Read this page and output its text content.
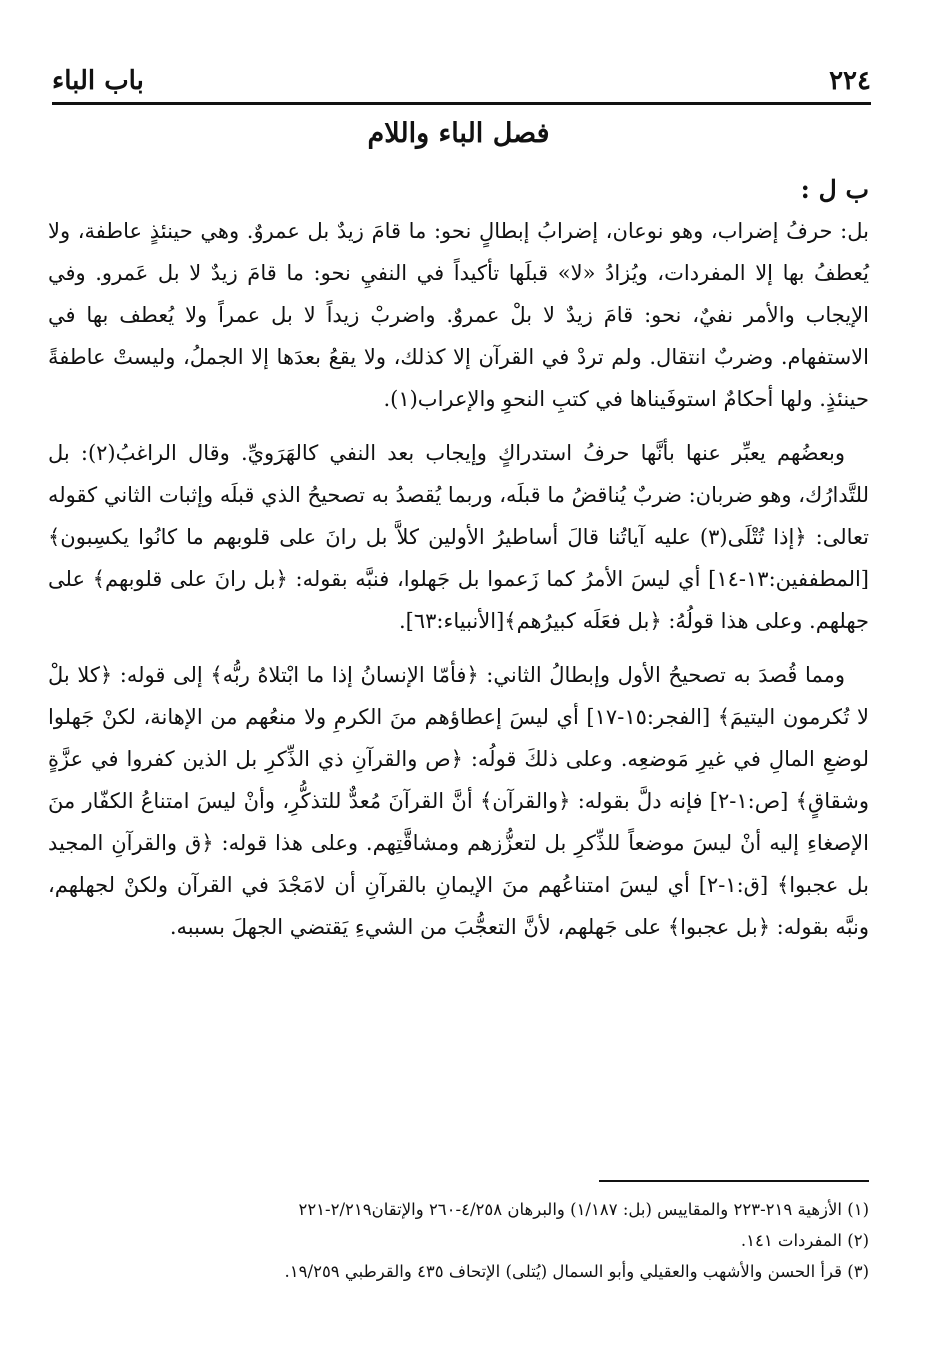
٢٢٤
باب الباء
فصل الباء واللام
ب ل :

بل: حرفُ إضراب، وهو نوعان، إضرابُ إبطالٍ نحو: ما قامَ زيدٌ بل عمروٌ. وهي حينئذٍ عاطفة، ولا يُعطفُ بها إلا المفردات، ويُزادُ «لا» قبلَها تأكيداً في النفيِ نحو: ما قامَ زيدٌ لا بل عَمرو. وفي الإيجاب والأمر نفيٌ، نحو: قامَ زيدٌ لا بلْ عمروٌ. واضربْ زيداً لا بل عمراً ولا يُعطف بها في الاستفهام. وضربٌ انتقال. ولم تردْ في القرآن إلا كذلك، ولا يقعُ بعدَها إلا الجملُ، وليستْ عاطفةً حينئذٍ. ولها أحكامٌ استوفَيناها في كتبِ النحوِ والإعراب(١).

وبعضُهم يعبِّر عنها بأنَّها حرفُ استدراكٍ وإيجاب بعد النفي كالهَرَويِّ. وقال الراغبُ(٢): بل للتَّدارُك، وهو ضربان: ضربٌ يُناقضُ ما قبلَه، وربما يُقصدُ به تصحيحُ الذي قبلَه وإثبات الثاني كقوله تعالى: ﴿إذا تُتْلَى(٣) عليه آياتُنا قالَ أساطيرُ الأولين كلاَّ بل رانَ على قلوبهم ما كانُوا يكسِبون﴾ [المطففين:١٣-١٤] أي ليسَ الأمرُ كما زَعموا بل جَهلوا، فنبَّه بقوله: ﴿بل رانَ على قلوبهم﴾ على جهلهم. وعلى هذا قولُهُ: ﴿بل فعَلَه كبيرُهم﴾[الأنبياء:٦٣].

ومما قُصدَ به تصحيحُ الأول وإبطالُ الثاني: ﴿فأمّا الإنسانُ إذا ما ابْتلاهُ ربُّه﴾ إلى قوله: ﴿كلا بلْ لا تُكرمون اليتيمَ﴾ [الفجر:١٥-١٧] أي ليسَ إعطاؤهم منَ الكرمِ ولا منعُهم من الإهانة، لكنْ جَهلوا لوضعِ المالِ في غيرِ مَوضعِه. وعلى ذلكَ قولُه: ﴿ص والقرآنِ ذي الذِّكرِ بل الذين كفروا في عزَّةٍ وشقاقٍ﴾ [ص:١-٢] فإنه دلَّ بقوله: ﴿والقرآن﴾ أنَّ القرآنَ مُعدٌّ للتذكُّرِ، وأنْ ليسَ امتناعُ الكفّار منَ الإصغاءِ إليه أنْ ليسَ موضعاً للذِّكرِ بل لتعزُّزهم ومشاقَّتِهم. وعلى هذا قوله: ﴿ق والقرآنِ المجيد بل عجبوا﴾ [ق:١-٢] أي ليسَ امتناعُهم منَ الإيمانِ بالقرآنِ أن لامَجْدَ في القرآن ولكنْ لجهلهم، ونبَّه بقوله: ﴿بل عجبوا﴾ على جَهلهم، لأنَّ التعجُّبَ من الشيءِ يَقتضي الجهلَ بسببه.

(١) الأزهية ٢١٩-٢٢٣ والمقاييس (بل: ١/١٨٧) والبرهان ٤/٢٥٨-٢٦٠ والإتقان٢/٢١٩-٢٢١

(٢) المفردات ١٤١.

(٣) قرأ الحسن والأشهب والعقيلي وأبو السمال (يُتلى) الإتحاف ٤٣٥ والقرطبي ١٩/٢٥٩.
